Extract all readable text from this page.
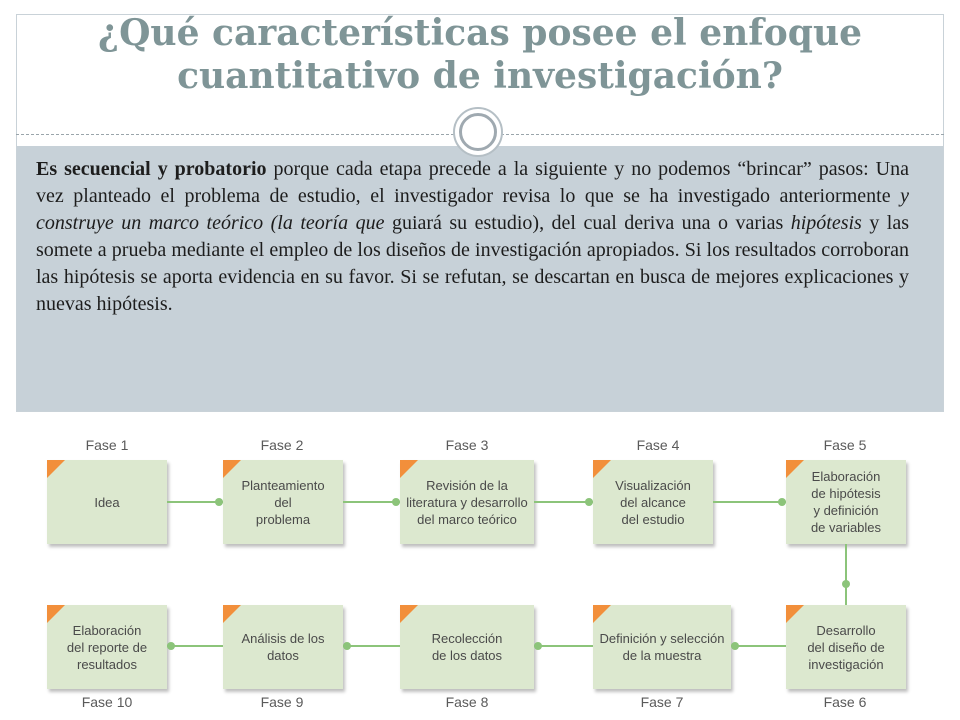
¿Qué características posee el enfoque cuantitativo de investigación?
Es secuencial y probatorio porque cada etapa precede a la siguiente y no podemos “brincar” pasos: Una vez planteado el problema de estudio, el investigador revisa lo que se ha investigado anteriormente y construye un marco teórico (la teoría que guiará su estudio), del cual deriva una o varias hipótesis y las somete a prueba mediante el empleo de los diseños de investigación apropiados. Si los resultados corroboran las hipótesis se aporta evidencia en su favor. Si se refutan, se descartan en busca de mejores explicaciones y nuevas hipótesis.
Fase 1	Fase 2	Fase 3	Fase 4	Fase 5
Idea
Planteamiento
del
problema
Revisión de la
literatura y desarrollo
del marco teórico
Visualización
del alcance
del estudio
Elaboración
de hipótesis
y definición
de variables
Desarrollo
del diseño de
investigación
Definición y selección
de la muestra
Recolección
de los datos
Análisis de los
datos
Elaboración
del reporte de
resultados
Fase 6
Fase 7
Fase 8
Fase 9
Fase 10
